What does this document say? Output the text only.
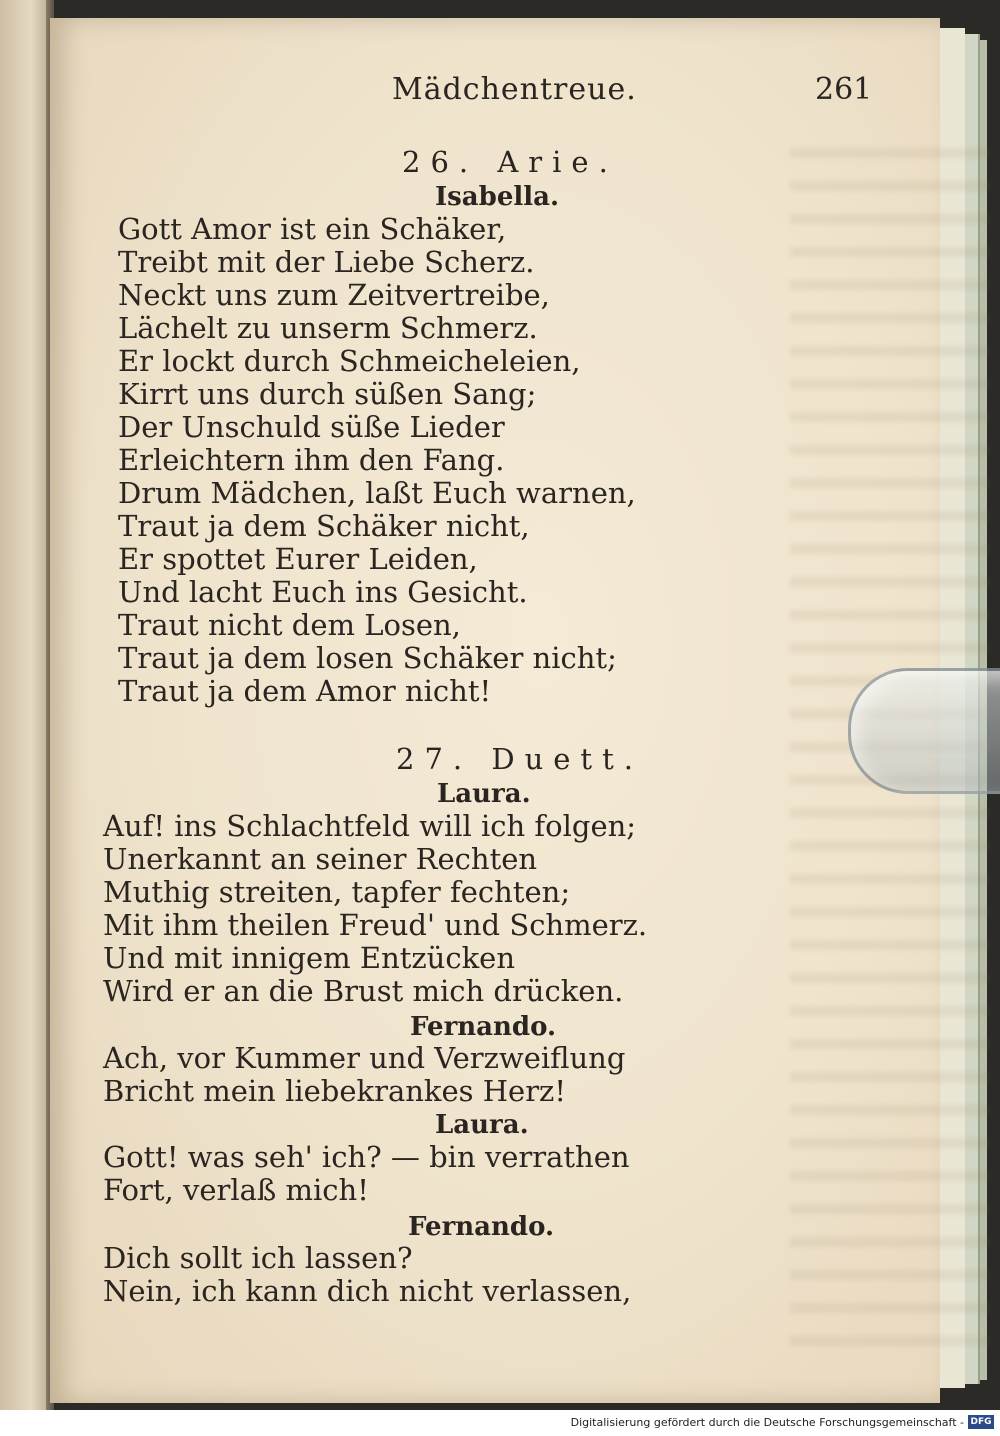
Mädchentreue.	261
26. Arie.
Isabella.
Gott Amor ist ein Schäker,
Treibt mit der Liebe Scherz.
Neckt uns zum Zeitvertreibe,
Lächelt zu unserm Schmerz.
Er lockt durch Schmeicheleien,
Kirrt uns durch süßen Sang;
Der Unschuld süße Lieder
Erleichtern ihm den Fang.
Drum Mädchen, laßt Euch warnen,
Traut ja dem Schäker nicht,
Er spottet Eurer Leiden,
Und lacht Euch ins Gesicht.
Traut nicht dem Losen,
Traut ja dem losen Schäker nicht;
Traut ja dem Amor nicht!
27. Duett.
Laura.
Auf! ins Schlachtfeld will ich folgen;
Unerkannt an seiner Rechten
Muthig streiten, tapfer fechten;
Mit ihm theilen Freud' und Schmerz.
Und mit innigem Entzücken
Wird er an die Brust mich drücken.
Fernando.
Ach, vor Kummer und Verzweiflung
Bricht mein liebekrankes Herz!
Laura.
Gott! was seh' ich? — bin verrathen
Fort, verlaß mich!
Fernando.
Dich sollt ich lassen?
Nein, ich kann dich nicht verlassen,
Digitalisierung gefördert durch die Deutsche Forschungsgemeinschaft - DFG
